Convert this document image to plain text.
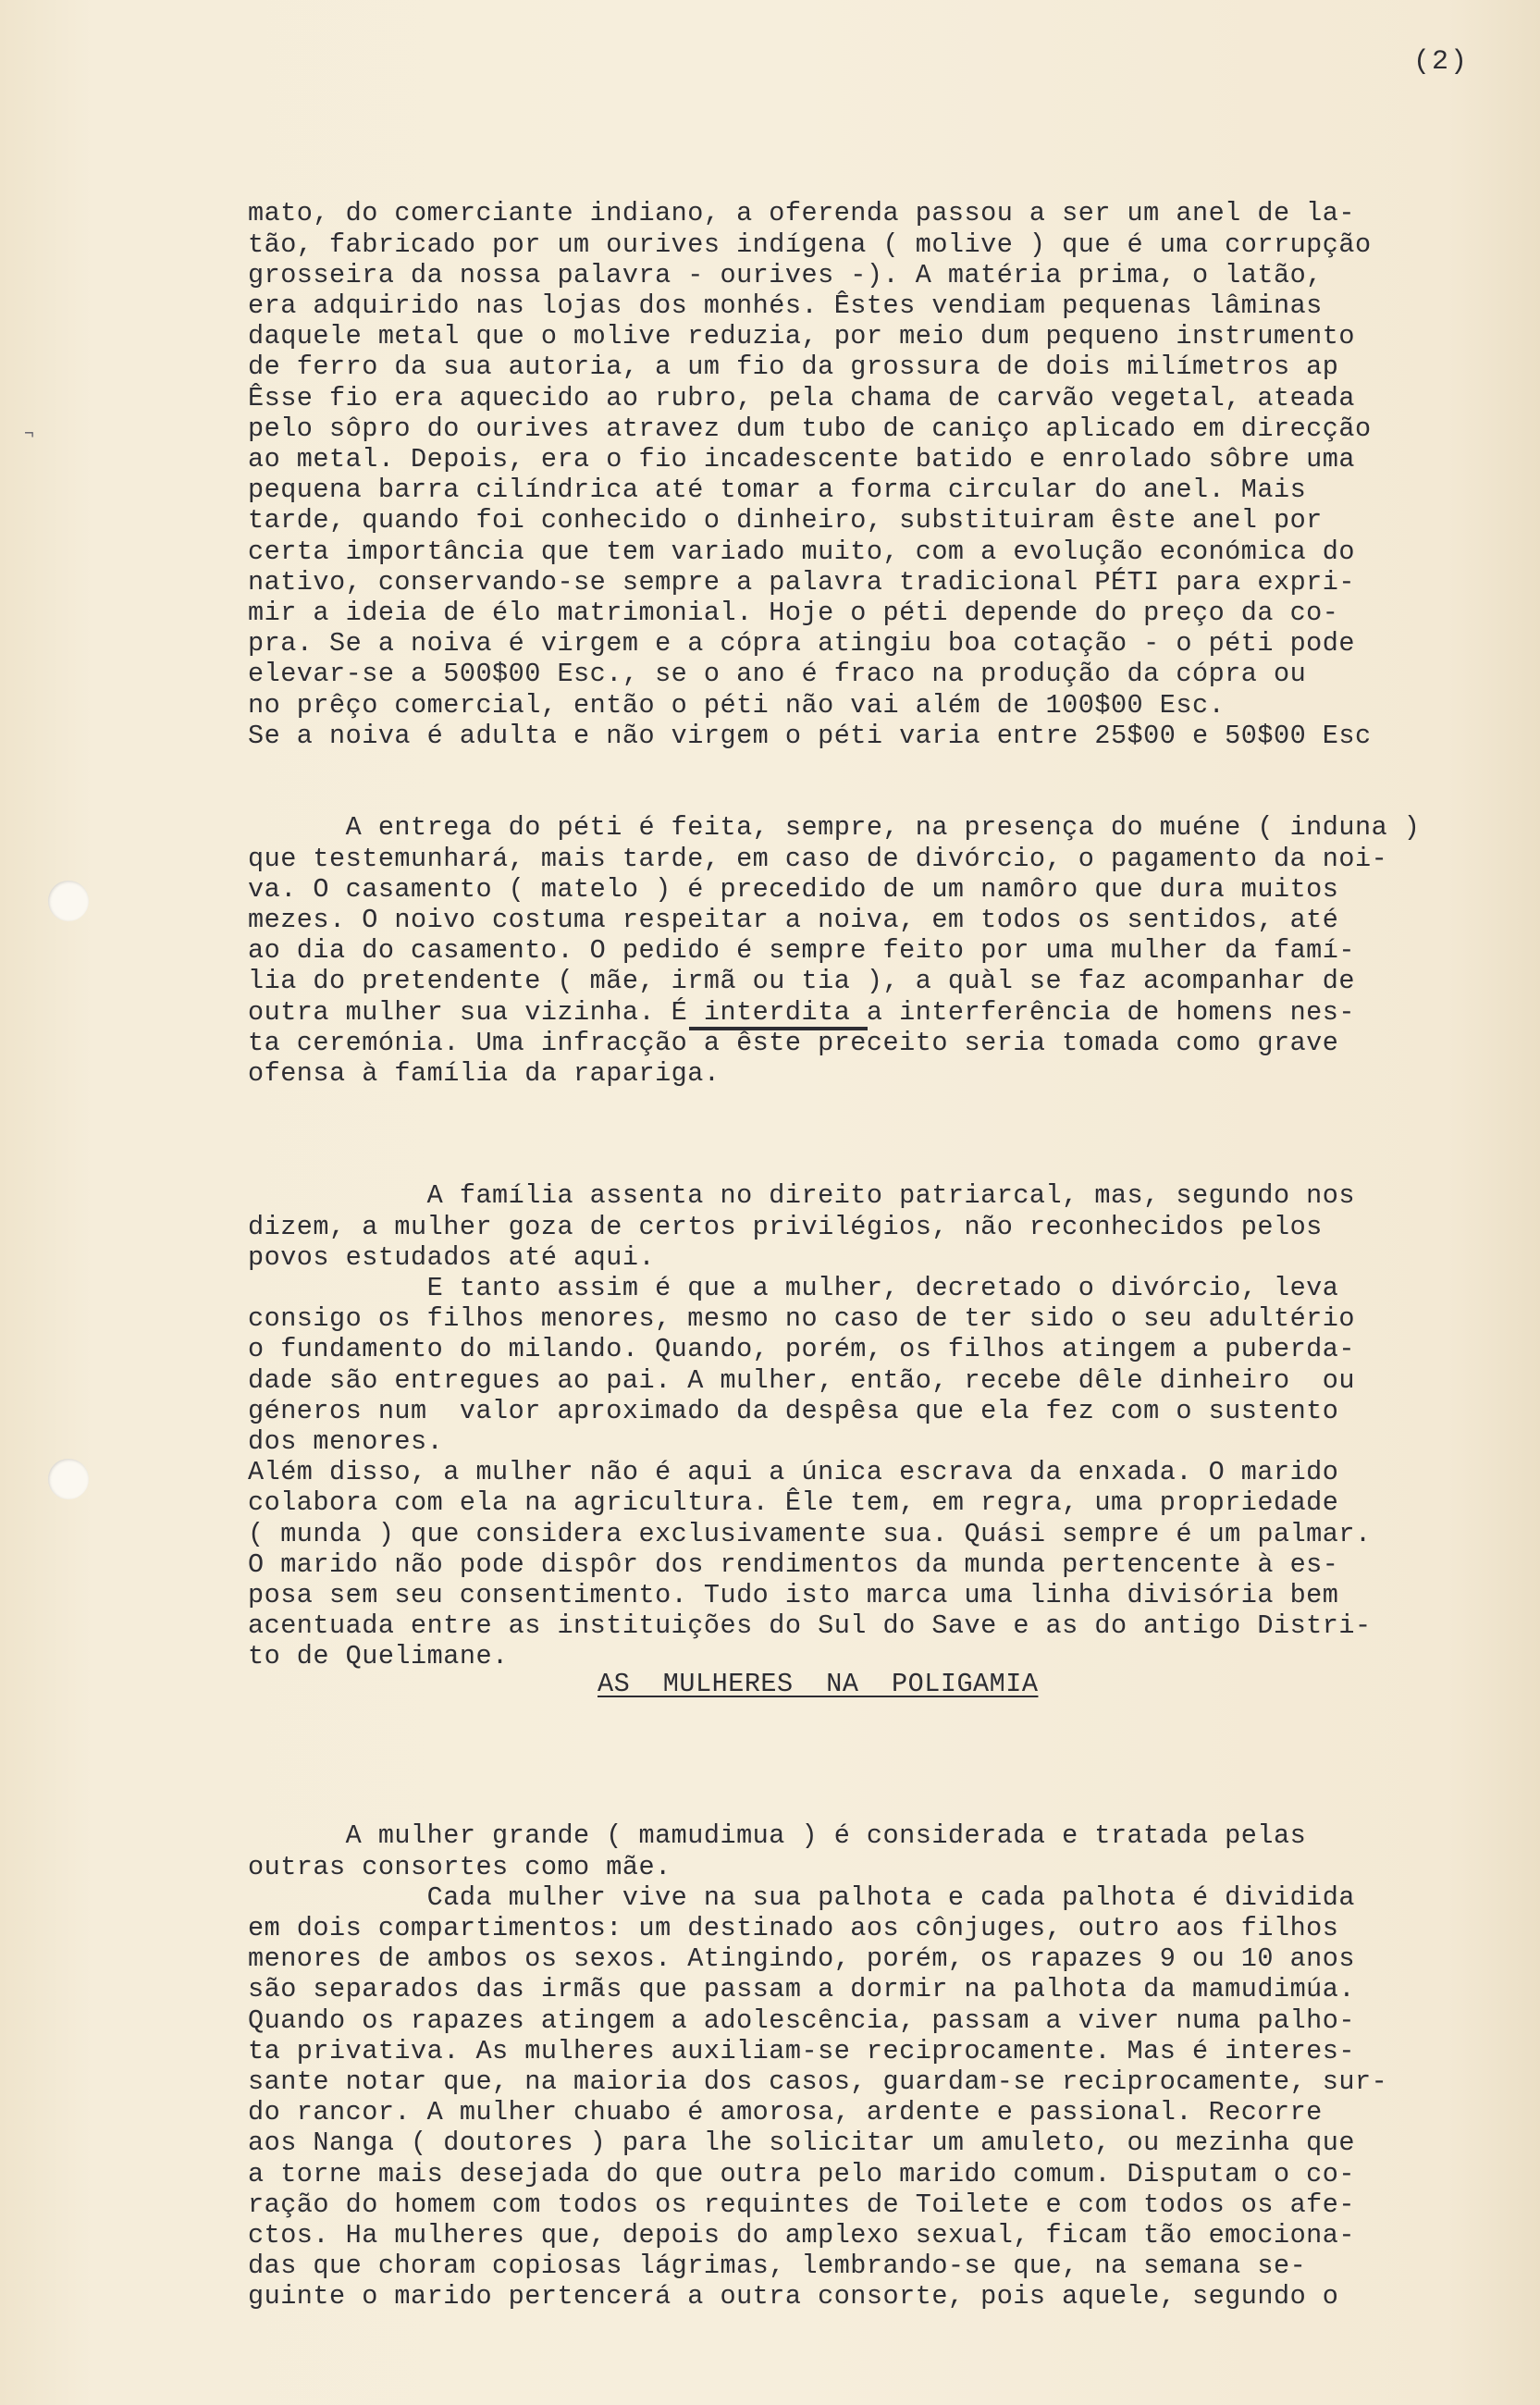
¬
(2)

mato, do comerciante indiano, a oferenda passou a ser um anel de la-
tão, fabricado por um ourives indígena ( molive ) que é uma corrupção
grosseira da nossa palavra - ourives -). A matéria prima, o latão,
era adquirido nas lojas dos monhés. Êstes vendiam pequenas lâminas
daquele metal que o molive reduzia, por meio dum pequeno instrumento
de ferro da sua autoria, a um fio da grossura de dois milímetros ap
Êsse fio era aquecido ao rubro, pela chama de carvão vegetal, ateada
pelo sôpro do ourives atravez dum tubo de caniço aplicado em direcção
ao metal. Depois, era o fio incadescente batido e enrolado sôbre uma
pequena barra cilíndrica até tomar a forma circular do anel. Mais
tarde, quando foi conhecido o dinheiro, substituiram êste anel por
certa importância que tem variado muito, com a evolução económica do
nativo, conservando-se sempre a palavra tradicional PÉTI para expri-
mir a ideia de élo matrimonial. Hoje o péti depende do preço da co-
pra. Se a noiva é virgem e a cópra atingiu boa cotação - o péti pode
elevar-se a 500$00 Esc., se o ano é fraco na produção da cópra ou
no prêço comercial, então o péti não vai além de 100$00 Esc.
Se a noiva é adulta e não virgem o péti varia entre 25$00 e 50$00 Esc

A entrega do péti é feita, sempre, na presença do muéne ( induna )
que testemunhará, mais tarde, em caso de divórcio, o pagamento da noi-
va. O casamento ( matelo ) é precedido de um namôro que dura muitos
mezes. O noivo costuma respeitar a noiva, em todos os sentidos, até
ao dia do casamento. O pedido é sempre feito por uma mulher da famí-
lia do pretendente ( mãe, irmã ou tia ), a quàl se faz acompanhar de
outra mulher sua vizinha. É interdita a interferência de homens nes-
ta ceremónia. Uma infracção a êste preceito seria tomada como grave
ofensa à família da rapariga.

A família assenta no direito patriarcal, mas, segundo nos
dizem, a mulher goza de certos privilégios, não reconhecidos pelos
povos estudados até aqui.
E tanto assim é que a mulher, decretado o divórcio, leva
consigo os filhos menores, mesmo no caso de ter sido o seu adultério
o fundamento do milando. Quando, porém, os filhos atingem a puberda-
dade são entregues ao pai. A mulher, então, recebe dêle dinheiro  ou
géneros num  valor aproximado da despêsa que ela fez com o sustento
dos menores.
Além disso, a mulher não é aqui a única escrava da enxada. O marido
colabora com ela na agricultura. Êle tem, em regra, uma propriedade
( munda ) que considera exclusivamente sua. Quási sempre é um palmar.
O marido não pode dispôr dos rendimentos da munda pertencente à es-
posa sem seu consentimento. Tudo isto marca uma linha divisória bem
acentuada entre as instituições do Sul do Save e as do antigo Distri-
to de Quelimane.

AS MULHERES NA POLIGAMIA

A mulher grande ( mamudimua ) é considerada e tratada pelas
outras consortes como mãe.
Cada mulher vive na sua palhota e cada palhota é dividida
em dois compartimentos: um destinado aos cônjuges, outro aos filhos
menores de ambos os sexos. Atingindo, porém, os rapazes 9 ou 10 anos
são separados das irmãs que passam a dormir na palhota da mamudimúa.
Quando os rapazes atingem a adolescência, passam a viver numa palho-
ta privativa. As mulheres auxiliam-se reciprocamente. Mas é interes-
sante notar que, na maioria dos casos, guardam-se reciprocamente, sur-
do rancor. A mulher chuabo é amorosa, ardente e passional. Recorre
aos Nanga ( doutores ) para lhe solicitar um amuleto, ou mezinha que
a torne mais desejada do que outra pelo marido comum. Disputam o co-
ração do homem com todos os requintes de Toilete e com todos os afe-
ctos. Ha mulheres que, depois do amplexo sexual, ficam tão emociona-
das que choram copiosas lágrimas, lembrando-se que, na semana se-
guinte o marido pertencerá a outra consorte, pois aquele, segundo o
